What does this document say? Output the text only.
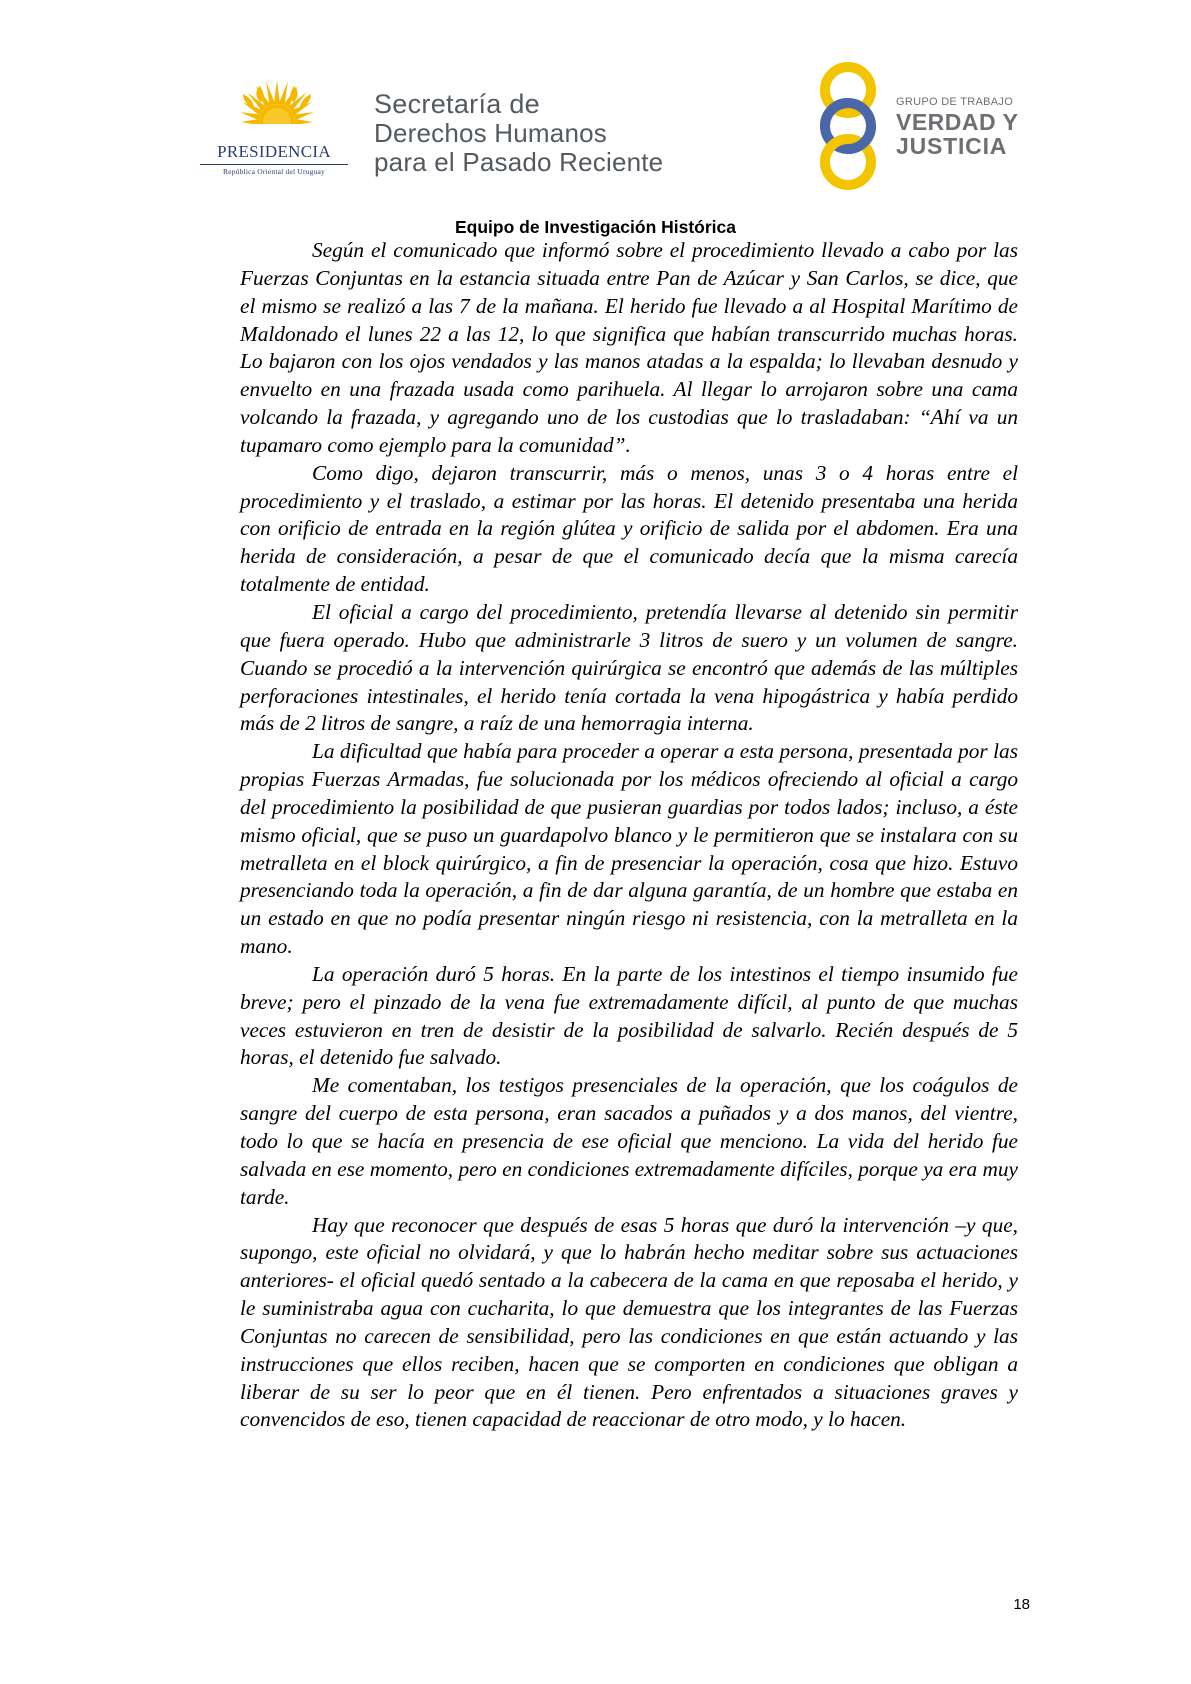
PRESIDENCIA
República Oriental del Uruguay
Secretaría de
Derechos Humanos
para el Pasado Reciente
GRUPO DE TRABAJO
VERDAD Y
JUSTICIA
Equipo de Investigación Histórica

Según el comunicado que informó sobre el procedimiento llevado a cabo por las Fuerzas Conjuntas en la estancia situada entre Pan de Azúcar y San Carlos, se dice, que el mismo se realizó a las 7 de la mañana. El herido fue llevado a al Hospital Marítimo de Maldonado el lunes 22 a las 12, lo que significa que habían transcurrido muchas horas. Lo bajaron con los ojos vendados y las manos atadas a la espalda; lo llevaban desnudo y envuelto en una frazada usada como parihuela. Al llegar lo arrojaron sobre una cama volcando la frazada, y agregando uno de los custodias que lo trasladaban: “Ahí va un tupamaro como ejemplo para la comunidad”.

Como digo, dejaron transcurrir, más o menos, unas 3 o 4 horas entre el procedimiento y el traslado, a estimar por las horas. El detenido presentaba una herida con orificio de entrada en la región glútea y orificio de salida por el abdomen. Era una herida de consideración, a pesar de que el comunicado decía que la misma carecía totalmente de entidad.

El oficial a cargo del procedimiento, pretendía llevarse al detenido sin permitir que fuera operado. Hubo que administrarle 3 litros de suero y un volumen de sangre. Cuando se procedió a la intervención quirúrgica se encontró que además de las múltiples perforaciones intestinales, el herido tenía cortada la vena hipogástrica y había perdido más de 2 litros de sangre, a raíz de una hemorragia interna.

La dificultad que había para proceder a operar a esta persona, presentada por las propias Fuerzas Armadas, fue solucionada por los médicos ofreciendo al oficial a cargo del procedimiento la posibilidad de que pusieran guardias por todos lados; incluso, a éste mismo oficial, que se puso un guardapolvo blanco y le permitieron que se instalara con su metralleta en el block quirúrgico, a fin de presenciar la operación, cosa que hizo. Estuvo presenciando toda la operación, a fin de dar alguna garantía, de un hombre que estaba en un estado en que no podía presentar ningún riesgo ni resistencia, con la metralleta en la mano.

La operación duró 5 horas. En la parte de los intestinos el tiempo insumido fue breve; pero el pinzado de la vena fue extremadamente difícil, al punto de que muchas veces estuvieron en tren de desistir de la posibilidad de salvarlo. Recién después de 5 horas, el detenido fue salvado.

Me comentaban, los testigos presenciales de la operación, que los coágulos de sangre del cuerpo de esta persona, eran sacados a puñados y a dos manos, del vientre, todo lo que se hacía en presencia de ese oficial que menciono. La vida del herido fue salvada en ese momento, pero en condiciones extremadamente difíciles, porque ya era muy tarde.

Hay que reconocer que después de esas 5 horas que duró la intervención –y que, supongo, este oficial no olvidará, y que lo habrán hecho meditar sobre sus actuaciones anteriores- el oficial quedó sentado a la cabecera de la cama en que reposaba el herido, y le suministraba agua con cucharita, lo que demuestra que los integrantes de las Fuerzas Conjuntas no carecen de sensibilidad, pero las condiciones en que están actuando y las instrucciones que ellos reciben, hacen que se comporten en condiciones que obligan a liberar de su ser lo peor que en él tienen. Pero enfrentados a situaciones graves y convencidos de eso, tienen capacidad de reaccionar de otro modo, y lo hacen.

18
